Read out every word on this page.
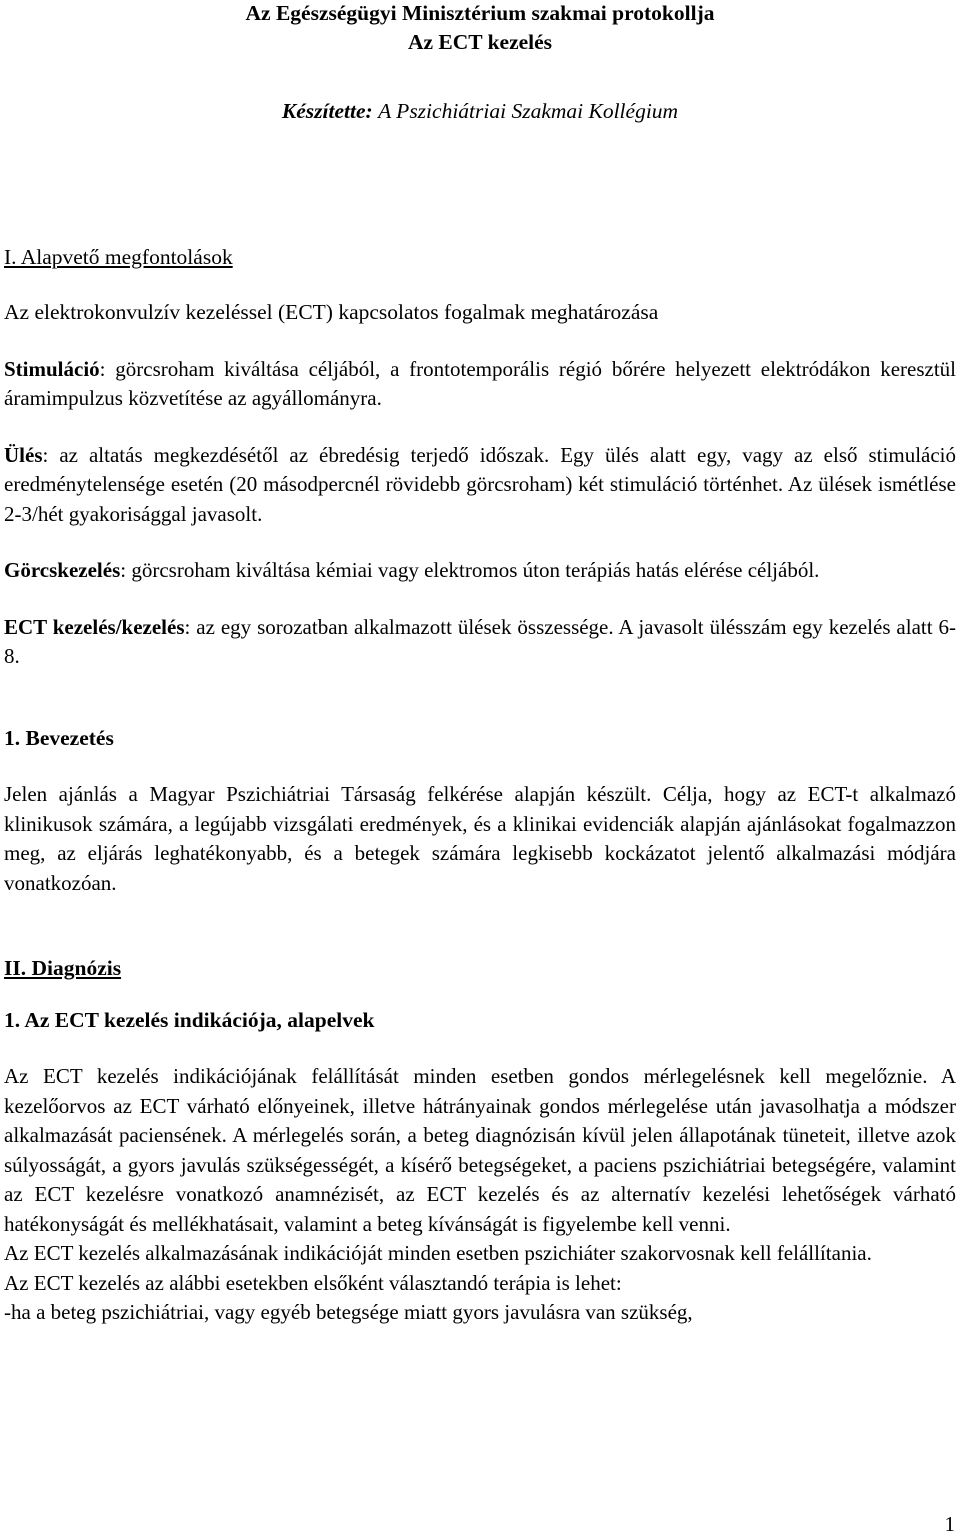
Az Egészségügyi Minisztérium szakmai protokollja
Az ECT kezelés
Készítette: A Pszichiátriai Szakmai Kollégium
I. Alapvető megfontolások
Az elektrokonvulzív kezeléssel (ECT) kapcsolatos fogalmak meghatározása

Stimuláció: görcsroham kiváltása céljából, a frontotemporális régió bőrére helyezett elektródákon keresztül áramimpulzus közvetítése az agyállományra.

Ülés: az altatás megkezdésétől az ébredésig terjedő időszak. Egy ülés alatt egy, vagy az első stimuláció eredménytelensége esetén (20 másodpercnél rövidebb görcsroham) két stimuláció történhet. Az ülések ismétlése 2-3/hét gyakorisággal javasolt.

Görcskezelés: görcsroham kiváltása kémiai vagy elektromos úton terápiás hatás elérése céljából.

ECT kezelés/kezelés: az egy sorozatban alkalmazott ülések összessége. A javasolt ülésszám egy kezelés alatt 6-8.

1. Bevezetés

Jelen ajánlás a Magyar Pszichiátriai Társaság felkérése alapján készült. Célja, hogy az ECT-t alkalmazó klinikusok számára, a legújabb vizsgálati eredmények, és a klinikai evidenciák alapján ajánlásokat fogalmazzon meg, az eljárás leghatékonyabb, és a betegek számára legkisebb kockázatot jelentő alkalmazási módjára vonatkozóan.

II. Diagnózis
1. Az ECT kezelés indikációja, alapelvek

Az ECT kezelés indikációjának felállítását minden esetben gondos mérlegelésnek kell megelőznie. A kezelőorvos az ECT várható előnyeinek, illetve hátrányainak gondos mérlegelése után javasolhatja a módszer alkalmazását paciensének. A mérlegelés során, a beteg diagnózisán kívül jelen állapotának tüneteit, illetve azok súlyosságát, a gyors javulás szükségességét, a kísérő betegségeket, a paciens pszichiátriai betegségére, valamint az ECT kezelésre vonatkozó anamnézisét, az ECT kezelés és az alternatív kezelési lehetőségek várható hatékonyságát és mellékhatásait, valamint a beteg kívánságát is figyelembe kell venni.

Az ECT kezelés alkalmazásának indikációját minden esetben pszichiáter szakorvosnak kell felállítania.

Az ECT kezelés az alábbi esetekben elsőként választandó terápia is lehet:

-ha a beteg pszichiátriai, vagy egyéb betegsége miatt gyors javulásra van szükség,

1
